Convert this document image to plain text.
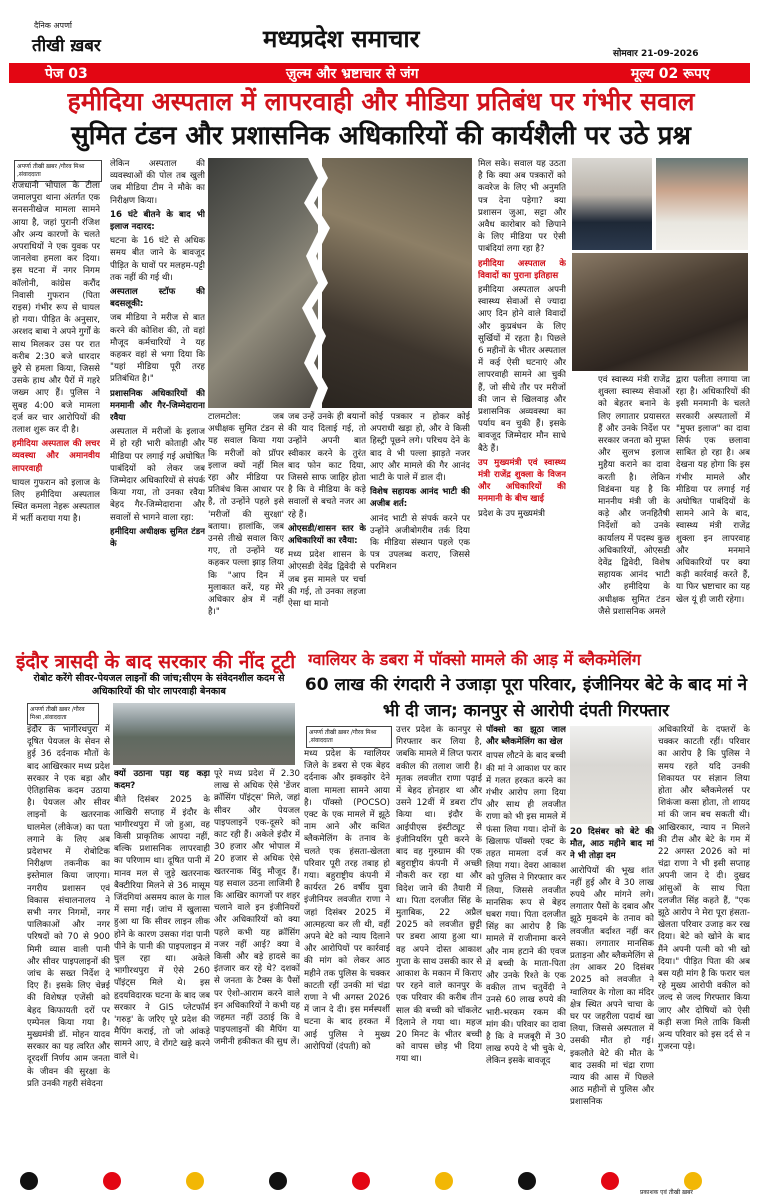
दैनिक अपर्णा
तीखी ख़बर	मध्यप्रदेश समाचार
सोमवार 21-09-2026
पेज 03	ज़ुल्म और भ्रष्टाचार से जंग	मूल्य 02 रूपए
हमीदिया अस्पताल में लापरवाही और मीडिया प्रतिबंध पर गंभीर सवाल
सुमित टंडन और प्रशासनिक अधिकारियों की कार्यशैली पर उठे प्रश्न
अपर्णा तीखी ख़बर /गौरव मिश्रा ,संवाददाता

राजधानी भोपाल के टीला जमालपुरा थाना अंतर्गत एक सनसनीखेज मामला सामने आया है, जहां पुरानी रंजिश और अन्य कारणों के चलते अपराधियों ने एक युवक पर जानलेवा हमला कर दिया। इस घटना में नगर निगम कॉलोनी, कांग्रेस करौंद निवासी गुफरान (पिता राइस) गंभीर रूप से घायल हो गया। पीड़ित के अनुसार, अरशद बाबा ने अपने गुर्गों के साथ मिलकर उस पर रात करीब 2:30 बजे धारदार छुरे से हमला किया, जिससे उसके हाथ और पैरों में गहरे जख्म आए हैं। पुलिस ने सुबह 4:00 बजे मामला दर्ज कर चार आरोपियों की तलाश शुरू कर दी है।

हमीदिया अस्पताल की लचर व्यवस्था और अमानवीय लापरवाही

घायल गुफरान को इलाज के लिए हमीदिया अस्पताल स्थित कमला नेहरू अस्पताल में भर्ती कराया गया है।

लेकिन अस्पताल की व्यवस्थाओं की पोल तब खुली जब मीडिया टीम ने मौके का निरीक्षण किया।

16 घंटे बीतने के बाद भी इलाज नदारद:

घटना के 16 घंटे से अधिक समय बीत जाने के बावजूद पीड़ित के घावों पर मलहम-पट्टी तक नहीं की गई थी।

अस्पताल स्टॉफ की बदसलूकी:

जब मीडिया ने मरीज से बात करने की कोशिश की, तो वहां मौजूद कर्मचारियों ने यह कहकर वहां से भगा दिया कि "यहां मीडिया पूरी तरह प्रतिबंधित है।"

प्रशासनिक अधिकारियों की मनमानी और गैर-जिम्मेदाराना रवैया

अस्पताल में मरीजों के इलाज में हो रही भारी कोताही और मीडिया पर लगाई गई अघोषित पाबंदियों को लेकर जब जिम्मेदार अधिकारियों से संपर्क किया गया, तो उनका रवैया बेहद गैर-जिम्मेदाराना और सवालों से भागने वाला रहा:

हमीदिया अधीक्षक सुमित टंडन के

टालमटोल: जब अधीक्षक सुमित टंडन से यह सवाल किया गया कि मरीजों को प्रॉपर इलाज क्यों नहीं मिल रहा और मीडिया पर प्रतिबंध किस आधार पर है, तो उन्होंने पहले इसे 'मरीजों की सुरक्षा' बताया। हालांकि, जब उनसे तीखे सवाल किए गए, तो उन्होंने यह कहकर पल्ला झाड़ लिया कि "आप दिन में मुलाकात करें, यह मेरे अधिकार क्षेत्र में नहीं है।"

जब उन्हें उनके ही बयानों की याद दिलाई गई, तो उन्होंने अपनी बात स्वीकार करने के तुरंत बाद फोन काट दिया, जिससे साफ जाहिर होता है कि वे मीडिया के कड़े सवालों से बचते नजर आ रहे हैं।

ओएसडी/शासन स्तर के अधिकारियों का रवैया:

मध्य प्रदेश शासन के ओएसडी देवेंद्र द्विवेदी से जब इस मामले पर चर्चा की गई, तो उनका लहजा ऐसा था मानो

कोई पत्रकार न होकर कोई अपराधी खड़ा हो, और वे किसी हिस्ट्री पूछने लगे। परिचय देने के बाद वे भी पल्ला झाड़ते नजर आए और मामले की गैर आनंद भाटी के पाले में डाल दी।

विशेष सहायक आनंद भाटी की अजीब शर्त:

आनंद भाटी से संपर्क करने पर उन्होंने अजीबोगरीब तर्क दिया कि मीडिया संस्थान पहले एक पत्र उपलब्ध कराए, जिससे परमिशन

मिल सके। सवाल यह उठता है कि क्या अब पत्रकारों को कवरेज के लिए भी अनुमति पत्र देना पड़ेगा? क्या प्रशासन जुआ, सट्टा और अवैध कारोबार को छिपाने के लिए मीडिया पर ऐसी पाबंदियां लगा रहा है?

हमीदिया अस्पताल के विवादों का पुराना इतिहास

हमीदिया अस्पताल अपनी स्वास्थ्य सेवाओं से ज्यादा आए दिन होने वाले विवादों और कुप्रबंधन के लिए सुर्खियों में रहता है। पिछले 6 महीनों के भीतर अस्पताल में कई ऐसी घटनाएं और लापरवाही सामने आ चुकी हैं, जो सीधे तौर पर मरीजों की जान से खिलवाड़ और प्रशासनिक अव्यवस्था का पर्याय बन चुकी हैं। इसके बावजूद जिम्मेदार मौन साधे बैठे हैं।

उप मुख्यमंत्री एवं स्वास्थ्य मंत्री राजेंद्र शुक्ला के विजन और अधिकारियों की मनमानी के बीच खाई

प्रदेश के उप मुख्यमंत्री

एवं स्वास्थ्य मंत्री राजेंद्र शुक्ला स्वास्थ्य सेवाओं को बेहतर बनाने के लिए लगातार प्रयासरत हैं और उनके निर्देश पर सरकार जनता को मुफ्त और सुलभ इलाज मुहैया कराने का दावा करती है। लेकिन विडंबना यह है कि माननीय मंत्री जी के कड़े और जनहितैषी निर्देशों को उनके कार्यालय में पदस्थ कुछ अधिकारियों, ओएसडी देवेंद्र द्विवेदी, विशेष सहायक आनंद भाटी और हमीदिया के अधीक्षक सुमित टंडन जैसे प्रशासनिक अमले

द्वारा पलीता लगाया जा रहा है। अधिकारियों की इसी मनमानी के चलते सरकारी अस्पतालों में "मुफ्त इलाज" का दावा सिर्फ एक छलावा साबित हो रहा है। अब देखना यह होगा कि इस गंभीर मामले और मीडिया पर लगाई गई अघोषित पाबंदियों के सामने आने के बाद, स्वास्थ्य मंत्री राजेंद्र शुक्ला इन लापरवाह और मनमाने अधिकारियों पर क्या कड़ी कार्रवाई करते हैं, या फिर भ्रष्टाचार का यह खेल यूं ही जारी रहेगा।

इंदौर त्रासदी के बाद सरकार की नींद टूटी
रोबोट करेंगे सीवर-पेयजल लाइनों की जांच;सीएम के संवेदनशील कदम से अधिकारियों की घोर लापरवाही बेनकाब
अपर्णा तीखी ख़बर /गौरव मिश्रा ,संवाददाता

इंदौर के भागीरथपुरा में दूषित पेयजल के सेवन से हुई 36 दर्दनाक मौतों के बाद आखिरकार मध्य प्रदेश सरकार ने एक बड़ा और ऐतिहासिक कदम उठाया है। पेयजल और सीवर लाइनों के खतरनाक घालमेल (लीकेज) का पता लगाने के लिए अब प्रदेशभर में रोबोटिक निरीक्षण तकनीक का इस्तेमाल किया जाएगा। नगरीय प्रशासन एवं विकास संचालनालय ने सभी नगर निगमों, नगर पालिकाओं और नगर परिषदों को 70 से 900 मिमी व्यास वाली पानी और सीवर पाइपलाइनों की जांच के सख्त निर्देश दे दिए हैं। इसके लिए चेन्नई की विशेषज्ञ एजेंसी को बेहद किफायती दरों पर एम्पेनल किया गया है। मुख्यमंत्री डॉ. मोहन यादव सरकार का यह त्वरित और दूरदर्शी निर्णय आम जनता के जीवन की सुरक्षा के प्रति उनकी गहरी संवेदना

क्यों उठाना पड़ा यह कड़ा कदम?

बीते दिसंबर 2025 के आखिरी सप्ताह में इंदौर के भागीरथपुरा में जो हुआ, वह किसी प्राकृतिक आपदा नहीं, बल्कि प्रशासनिक लापरवाही का परिणाम था। दूषित पानी में मानव मल से जुड़े खतरनाक बैक्टीरिया मिलने से 36 मासूम जिंदगियां असमय काल के गाल में समा गईं। जांच में खुलासा हुआ था कि सीवर लाइन लीक होने के कारण उसका गंदा पानी पीने के पानी की पाइपलाइन में घुल रहा था। अकेले भागीरथपुरा में ऐसे 260 पॉइंट्स मिले थे। इस हृदयविदारक घटना के बाद जब सरकार ने GIS प्लेटफॉर्म 'गरुड़' के जरिए पूरे प्रदेश की मैपिंग कराई, तो जो आंकड़े सामने आए, वे रोंगटे खड़े करने वाले थे।

पूरे मध्य प्रदेश में 2.30 लाख से अधिक ऐसे 'डेंजर क्रॉसिंग पॉइंट्स' मिले, जहां सीवर और पेयजल पाइपलाइनें एक-दूसरे को काट रही हैं। अकेले इंदौर में 30 हजार और भोपाल में 20 हजार से अधिक ऐसे खतरनाक बिंदु मौजूद हैं। यह सवाल उठना लाजिमी है कि आखिर कागजों पर शहर चलाने वाले इन इंजीनियरों और अधिकारियों को क्या पहले कभी यह क्रॉसिंग नजर नहीं आई? क्या वे किसी और बड़े हादसे का इंतजार कर रहे थे? दशकों से जनता के टैक्स के पैसों पर ऐशो-आराम करने वाले इन अधिकारियों ने कभी यह जहमत नहीं उठाई कि वे पाइपलाइनों की मैपिंग या जमीनी हकीकत की सुध लें।

ग्वालियर के डबरा में पॉक्सो मामले की आड़ में ब्लैकमेलिंग
60 लाख की रंगदारी ने उजाड़ा पूरा परिवार, इंजीनियर बेटे के बाद मां ने भी दी जान; कानपुर से आरोपी दंपती गिरफ्तार
अपर्णा तीखी ख़बर /गौरव मिश्रा ,संवाददाता

मध्य प्रदेश के ग्वालियर जिले के डबरा से एक बेहद दर्दनाक और झकझोर देने वाला मामला सामने आया है। पॉक्सो (POCSO) एक्ट के एक मामले में झूठे नाम आने और कथित ब्लैकमेलिंग के तनाव के चलते एक हंसता-खेलता परिवार पूरी तरह तबाह हो गया। बहुराष्ट्रीय कंपनी में कार्यरत 26 वर्षीय युवा इंजीनियर लवजीत राणा ने जहां दिसंबर 2025 में आत्महत्या कर ली थी, वहीं अपने बेटे को न्याय दिलाने और आरोपियों पर कार्रवाई की मांग को लेकर आठ महीने तक पुलिस के चक्कर काटती रहीं उनकी मां चंद्रा राणा ने भी अगस्त 2026 में जान दे दी। इस मर्मस्पर्शी घटना के बाद हरकत में आई पुलिस ने मुख्य आरोपियों (दंपती) को

उत्तर प्रदेश के कानपुर से गिरफ्तार कर लिया है, जबकि मामले में लिप्त फरार वकील की तलाश जारी है। मृतक लवजीत राणा पढ़ाई में बेहद होनहार था और उसने 12वीं में डबरा टॉप किया था। इंदौर के आईपीएस इंस्टीट्यूट से इंजीनियरिंग पूरी करने के बाद वह गुरुग्राम की एक बहुराष्ट्रीय कंपनी में अच्छी नौकरी कर रहा था और विदेश जाने की तैयारी में था। पिता दलजीत सिंह के मुताबिक, 22 अप्रैल 2025 को लवजीत छुट्टी पर डबरा आया हुआ था। वह अपने दोस्त आकाश गुप्ता के साथ उसकी कार से आकाश के मकान में किराए पर रहने वाले कानपुर के एक परिवार की करीब तीन साल की बच्ची को चॉकलेट दिलाने ले गया था। महज 20 मिनट के भीतर बच्ची को वापस छोड़ भी दिया गया था।

पॉक्सो का झूठा जाल और ब्लैकमेलिंग का खेल

वापस लौटने के बाद बच्ची की मां ने आकाश पर कार में गलत हरकत करने का गंभीर आरोप लगा दिया और साथ ही लवजीत राणा को भी इस मामले में फंसा लिया गया। दोनों के खिलाफ पॉक्सो एक्ट के तहत मामला दर्ज कर लिया गया। देवरा आकाश को पुलिस ने गिरफ्तार कर लिया, जिससे लवजीत मानसिक रूप से बेहद घबरा गया। पिता दलजीत सिंह का आरोप है कि मामले में राजीनामा करने और नाम हटाने की एवज में बच्ची के माता-पिता और उनके रिश्ते के एक वकील ताभ चतुर्वेदी ने उनसे 60 लाख रुपये की भारी-भरकम रकम की मांग की। परिवार का दावा है कि वे मजबूरी में 30 लाख रुपये दे भी चुके थे, लेकिन इसके बावजूद

20 दिसंबर को बेटे की मौत, आठ महीने बाद मां ने भी तोड़ा दम

आरोपियों की भूख शांत नहीं हुई और वे 30 लाख रुपये और मांगने लगे। लगातार पैसों के दबाव और झूठे मुकदमे के तनाव को लवजीत बर्दाश्त नहीं कर सका। लगातार मानसिक प्रताड़ना और ब्लैकमेलिंग से तंग आकर 20 दिसंबर 2025 को लवजीत ने ग्वालियर के गोला का मंदिर क्षेत्र स्थित अपने चाचा के घर पर जहरीला पदार्थ खा लिया, जिससे अस्पताल में उसकी मौत हो गई। इकलौते बेटे की मौत के बाद उसकी मां चंद्रा राणा न्याय की आस में पिछले आठ महीनों से पुलिस और प्रशासनिक

अधिकारियों के दफ्तरों के चक्कर काटती रहीं। परिवार का आरोप है कि पुलिस ने समय रहते यदि उनकी शिकायत पर संज्ञान लिया होता और ब्लैकमेलर्स पर शिकंजा कसा होता, तो शायद मां की जान बच सकती थी। आखिरकार, न्याय न मिलने की टीस और बेटे के गम में 22 अगस्त 2026 को मां चंद्रा राणा ने भी इसी सप्ताह अपनी जान दे दी। दुखद आंसुओं के साथ पिता दलजीत सिंह कहते हैं, "एक झूठे आरोप ने मेरा पूरा हंसता-खेलता परिवार उजाड़ कर रख दिया। बेटे को खोने के बाद मैंने अपनी पत्नी को भी खो दिया।" पीड़ित पिता की अब बस यही मांग है कि फरार चल रहे मुख्य आरोपी वकील को जल्द से जल्द गिरफ्तार किया जाए और दोषियों को ऐसी कड़ी सजा मिले ताकि किसी अन्य परिवार को इस दर्द से न गुजरना पड़े।

प्रकाशक एवं तीखी ख़बर
